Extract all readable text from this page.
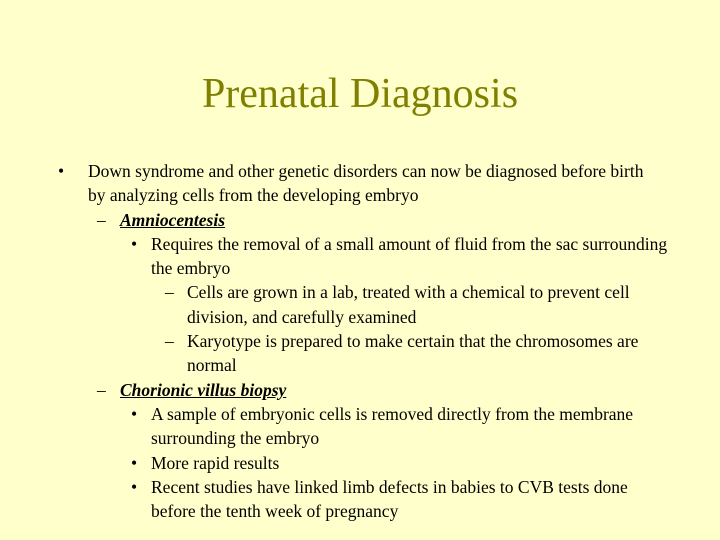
Prenatal Diagnosis
• Down syndrome and other genetic disorders can now be diagnosed before birth by analyzing cells from the developing embryo
– Amniocentesis
• Requires the removal of a small amount of fluid from the sac surrounding the embryo
– Cells are grown in a lab, treated with a chemical to prevent cell division, and carefully examined
– Karyotype is prepared to make certain that the chromosomes are normal
– Chorionic villus biopsy
• A sample of embryonic cells is removed directly from the membrane surrounding the embryo
• More rapid results
• Recent studies have linked limb defects in babies to CVB tests done before the tenth week of pregnancy
